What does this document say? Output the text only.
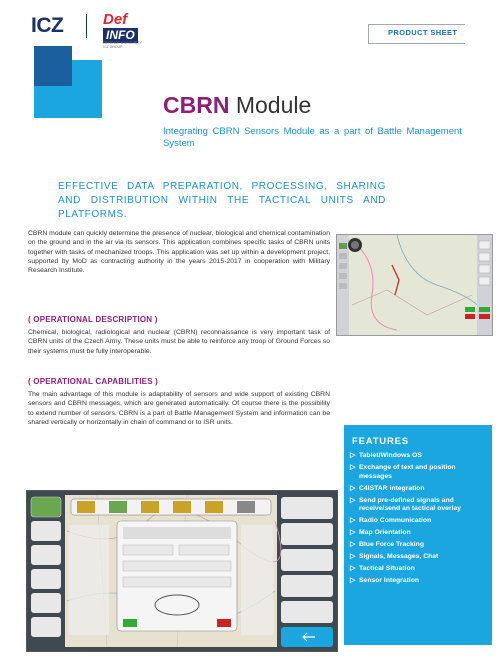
ICZ	Def
INFO
DEFENCE & SECURITY ICZ GROUP
PRODUCT SHEET
CBRN Module
Integrating CBRN Sensors Module as a part of Battle Management System
EFFECTIVE DATA PREPARATION, PROCESSING, SHARING AND DISTRIBUTION WITHIN THE TACTICAL UNITS AND PLATFORMS.
CBRN module can quickly determine the presence of nuclear, biological and chemical contamination on the ground and in the air via its sensors. This application combines specific tasks of CBRN units together with tasks of mechanized troops. This application was set up within a development project, supported by MoD as contracting authority in the years 2015-2017 in cooperation with Military Research Institute.
( OPERATIONAL DESCRIPTION )
Chemical, biological, radiological and nuclear (CBRN) reconnaissance is very important task of CBRN units of the Czech Army. These units must be able to reinforce any troop of Ground Forces so their systems must be fully interoperable.
( OPERATIONAL CAPABILITIES )
The main advantage of this module is adaptability of sensors and wide support of existing CBRN sensors and CBRN messages, which are generated automatically. Of course there is the possibility to extend number of sensors. CBRN is a part of Battle Management System and information can be shared vertically or horizontally in chain of command or to ISR units.
FEATURES
▷ Tablet/Windows OS
▷ Exchange of text and position messages
▷ C4ISTAR integration
▷ Send pre-defined signals and receive/send an tactical overlay
▷ Radio Communication
▷ Map Orientation
▷ Blue Force Tracking
▷ Signals, Messages, Chat
▷ Tactical Situation
▷ Sensor Integration
